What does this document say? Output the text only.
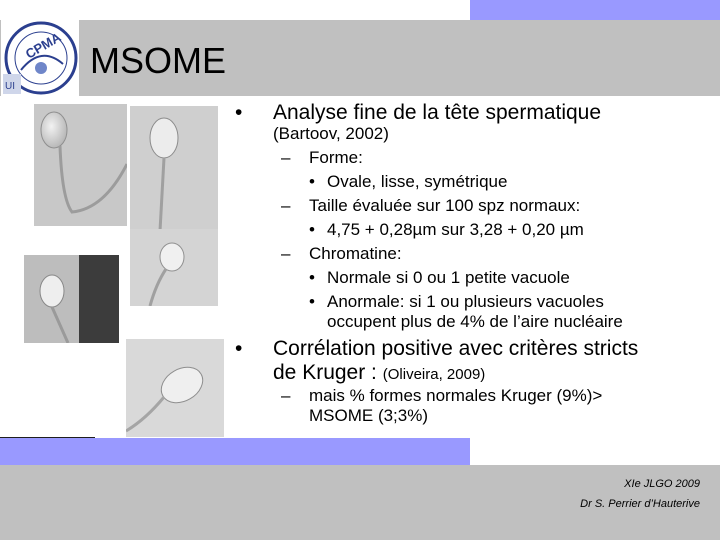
CPMA
UI
MSOME
• Analyse fine de la tête spermatique
(Bartoov, 2002)
– Forme:
• Ovale, lisse, symétrique
– Taille évaluée sur 100 spz normaux:
• 4,75 + 0,28µm sur 3,28 + 0,20 µm
– Chromatine:
• Normale si 0 ou 1 petite vacuole
• Anormale: si 1 ou plusieurs vacuoles
occupent plus de 4% de l’aire nucléaire
• Corrélation positive avec critères stricts
de Kruger : (Oliveira, 2009)
– mais % formes normales Kruger (9%)>
MSOME (3;3%)
XIe JLGO 2009
Dr S. Perrier d’Hauterive
